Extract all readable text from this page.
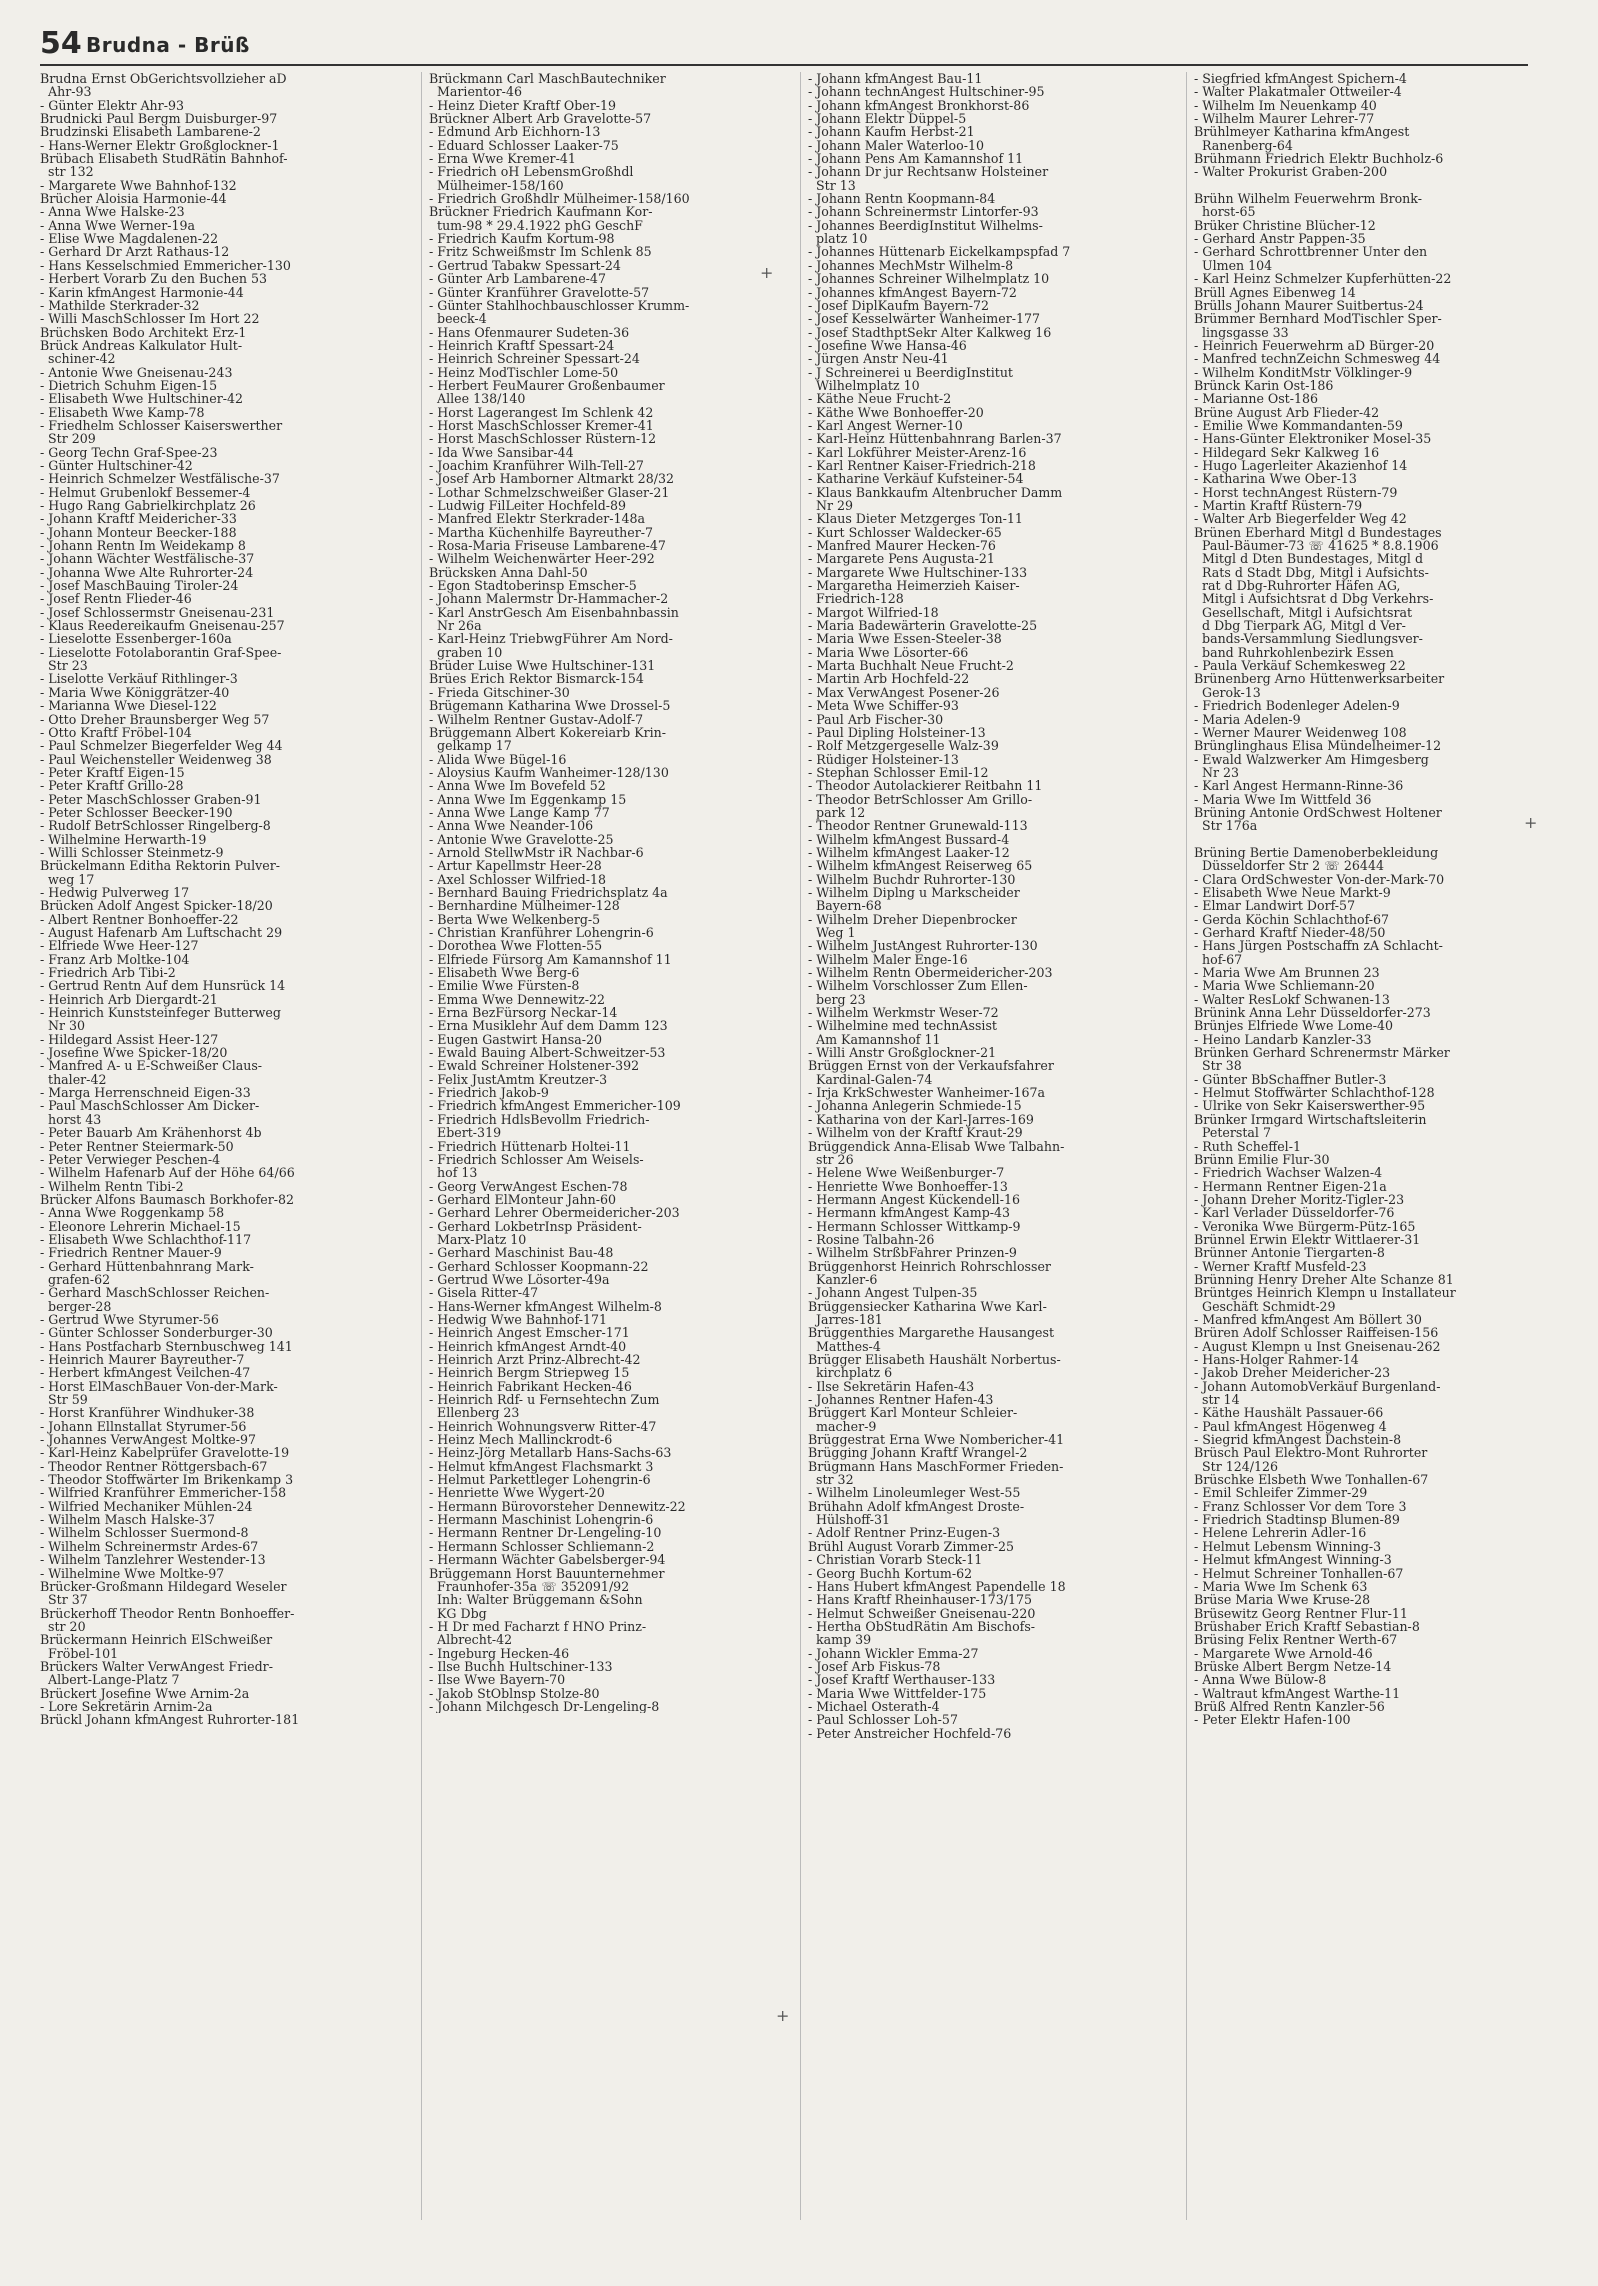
54 Brudna - Brüß
Brudna Ernst ObGerichtsvollzieher aD
Ahr-93
- Günter Elektr Ahr-93
Brudnicki Paul Bergm Duisburger-97
Brudzinski Elisabeth Lambarene-2
- Hans-Werner Elektr Großglockner-1
Brübach Elisabeth StudRätin Bahnhof-
str 132
- Margarete Wwe Bahnhof-132
Brücher Aloisia Harmonie-44
- Anna Wwe Halske-23
- Anna Wwe Werner-19a
- Elise Wwe Magdalenen-22
- Gerhard Dr Arzt Rathaus-12
- Hans Kesselschmied Emmericher-130
- Herbert Vorarb Zu den Buchen 53
- Karin kfmAngest Harmonie-44
- Mathilde Sterkrader-32
- Willi MaschSchlosser Im Hort 22
Brüchsken Bodo Architekt Erz-1
Brück Andreas Kalkulator Hult-
schiner-42
- Antonie Wwe Gneisenau-243
- Dietrich Schuhm Eigen-15
- Elisabeth Wwe Hultschiner-42
- Elisabeth Wwe Kamp-78
- Friedhelm Schlosser Kaiserswerther
Str 209
- Georg Techn Graf-Spee-23
- Günter Hultschiner-42
- Heinrich Schmelzer Westfälische-37
- Helmut Grubenlokf Bessemer-4
- Hugo Rang Gabrielkirchplatz 26
- Johann Kraftf Meidericher-33
- Johann Monteur Beecker-188
- Johann Rentn Im Weidekamp 8
- Johann Wächter Westfälische-37
- Johanna Wwe Alte Ruhrorter-24
- Josef MaschBauing Tiroler-24
- Josef Rentn Flieder-46
- Josef Schlossermstr Gneisenau-231
- Klaus Reedereikaufm Gneisenau-257
- Lieselotte Essenberger-160a
- Lieselotte Fotolaborantin Graf-Spee-
Str 23
- Liselotte Verkäuf Rithlinger-3
- Maria Wwe Königgrätzer-40
- Marianna Wwe Diesel-122
- Otto Dreher Braunsberger Weg 57
- Otto Kraftf Fröbel-104
- Paul Schmelzer Biegerfelder Weg 44
- Paul Weichensteller Weidenweg 38
- Peter Kraftf Eigen-15
- Peter Kraftf Grillo-28
- Peter MaschSchlosser Graben-91
- Peter Schlosser Beecker-190
- Rudolf BetrSchlosser Ringelberg-8
- Wilhelmine Herwarth-19
- Willi Schlosser Steinmetz-9
Brückelmann Editha Rektorin Pulver-
weg 17
- Hedwig Pulverweg 17
Brücken Adolf Angest Spicker-18/20
- Albert Rentner Bonhoeffer-22
- August Hafenarb Am Luftschacht 29
- Elfriede Wwe Heer-127
- Franz Arb Moltke-104
- Friedrich Arb Tibi-2
- Gertrud Rentn Auf dem Hunsrück 14
- Heinrich Arb Diergardt-21
- Heinrich Kunststeinfeger Butterweg
Nr 30
- Hildegard Assist Heer-127
- Josefine Wwe Spicker-18/20
- Manfred A- u E-Schweißer Claus-
thaler-42
- Marga Herrenschneid Eigen-33
- Paul MaschSchlosser Am Dicker-
horst 43
- Peter Bauarb Am Krähenhorst 4b
- Peter Rentner Steiermark-50
- Peter Verwieger Peschen-4
- Wilhelm Hafenarb Auf der Höhe 64/66
- Wilhelm Rentn Tibi-2
Brücker Alfons Baumasch Borkhofer-82
- Anna Wwe Roggenkamp 58
- Eleonore Lehrerin Michael-15
- Elisabeth Wwe Schlachthof-117
- Friedrich Rentner Mauer-9
- Gerhard Hüttenbahnrang Mark-
grafen-62
- Gerhard MaschSchlosser Reichen-
berger-28
- Gertrud Wwe Styrumer-56
- Günter Schlosser Sonderburger-30
- Hans Postfacharb Sternbuschweg 141
- Heinrich Maurer Bayreuther-7
- Herbert kfmAngest Veilchen-47
- Horst ElMaschBauer Von-der-Mark-
Str 59
- Horst Kranführer Windhuker-38
- Johann Ellnstallat Styrumer-56
- Johannes VerwAngest Moltke-97
- Karl-Heinz Kabelprüfer Gravelotte-19
- Theodor Rentner Röttgersbach-67
- Theodor Stoffwärter Im Brikenkamp 3
- Wilfried Kranführer Emmericher-158
- Wilfried Mechaniker Mühlen-24
- Wilhelm Masch Halske-37
- Wilhelm Schlosser Suermond-8
- Wilhelm Schreinermstr Ardes-67
- Wilhelm Tanzlehrer Westender-13
- Wilhelmine Wwe Moltke-97
Brücker-Großmann Hildegard Weseler
Str 37
Brückerhoff Theodor Rentn Bonhoeffer-
str 20
Brückermann Heinrich ElSchweißer
Fröbel-101
Brückers Walter VerwAngest Friedr-
Albert-Lange-Platz 7
Brückert Josefine Wwe Arnim-2a
- Lore Sekretärin Arnim-2a
Brückl Johann kfmAngest Ruhrorter-181
Brückmann Carl MaschBautechniker
Marientor-46
- Heinz Dieter Kraftf Ober-19
Brückner Albert Arb Gravelotte-57
- Edmund Arb Eichhorn-13
- Eduard Schlosser Laaker-75
- Erna Wwe Kremer-41
- Friedrich oH LebensmGroßhdl
Mülheimer-158/160
- Friedrich Großhdlr Mülheimer-158/160
Brückner Friedrich Kaufmann Kor-
tum-98 * 29.4.1922 phG GeschF
- Friedrich Kaufm Kortum-98
- Fritz Schweißmstr Im Schlenk 85
- Gertrud Tabakw Spessart-24
- Günter Arb Lambarene-47
- Günter Kranführer Gravelotte-57
- Günter Stahlhochbauschlosser Krumm-
beeck-4
- Hans Ofenmaurer Sudeten-36
- Heinrich Kraftf Spessart-24
- Heinrich Schreiner Spessart-24
- Heinz ModTischler Lome-50
- Herbert FeuMaurer Großenbaumer
Allee 138/140
- Horst Lagerangest Im Schlenk 42
- Horst MaschSchlosser Kremer-41
- Horst MaschSchlosser Rüstern-12
- Ida Wwe Sansibar-44
- Joachim Kranführer Wilh-Tell-27
- Josef Arb Hamborner Altmarkt 28/32
- Lothar Schmelzschweißer Glaser-21
- Ludwig FilLeiter Hochfeld-89
- Manfred Elektr Sterkrader-148a
- Martha Küchenhilfe Bayreuther-7
- Rosa-Maria Friseuse Lambarene-47
- Wilhelm Weichenwärter Heer-292
Brücksken Anna Dahl-50
- Egon Stadtoberinsp Emscher-5
- Johann Malermstr Dr-Hammacher-2
- Karl AnstrGesch Am Eisenbahnbassin
Nr 26a
- Karl-Heinz TriebwgFührer Am Nord-
graben 10
Brüder Luise Wwe Hultschiner-131
Brües Erich Rektor Bismarck-154
- Frieda Gitschiner-30
Brügemann Katharina Wwe Drossel-5
- Wilhelm Rentner Gustav-Adolf-7
Brüggemann Albert Kokereiarb Krin-
gelkamp 17
- Alida Wwe Bügel-16
- Aloysius Kaufm Wanheimer-128/130
- Anna Wwe Im Bovefeld 52
- Anna Wwe Im Eggenkamp 15
- Anna Wwe Lange Kamp 77
- Anna Wwe Neander-106
- Antonie Wwe Gravelotte-25
- Arnold StellwMstr iR Nachbar-6
- Artur Kapellmstr Heer-28
- Axel Schlosser Wilfried-18
- Bernhard Bauing Friedrichsplatz 4a
- Bernhardine Mülheimer-128
- Berta Wwe Welkenberg-5
- Christian Kranführer Lohengrin-6
- Dorothea Wwe Flotten-55
- Elfriede Fürsorg Am Kamannshof 11
- Elisabeth Wwe Berg-6
- Emilie Wwe Fürsten-8
- Emma Wwe Dennewitz-22
- Erna BezFürsorg Neckar-14
- Erna Musiklehr Auf dem Damm 123
- Eugen Gastwirt Hansa-20
- Ewald Bauing Albert-Schweitzer-53
- Ewald Schreiner Holstener-392
- Felix JustAmtm Kreutzer-3
- Friedrich Jakob-9
- Friedrich kfmAngest Emmericher-109
- Friedrich HdlsBevollm Friedrich-
Ebert-319
- Friedrich Hüttenarb Holtei-11
- Friedrich Schlosser Am Weisels-
hof 13
- Georg VerwAngest Eschen-78
- Gerhard ElMonteur Jahn-60
- Gerhard Lehrer Obermeidericher-203
- Gerhard LokbetrInsp Präsident-
Marx-Platz 10
- Gerhard Maschinist Bau-48
- Gerhard Schlosser Koopmann-22
- Gertrud Wwe Lösorter-49a
- Gisela Ritter-47
- Hans-Werner kfmAngest Wilhelm-8
- Hedwig Wwe Bahnhof-171
- Heinrich Angest Emscher-171
- Heinrich kfmAngest Arndt-40
- Heinrich Arzt Prinz-Albrecht-42
- Heinrich Bergm Striepweg 15
- Heinrich Fabrikant Hecken-46
- Heinrich Rdf- u Fernsehtechn Zum
Ellenberg 23
- Heinrich Wohnungsverw Ritter-47
- Heinz Mech Mallinckrodt-6
- Heinz-Jörg Metallarb Hans-Sachs-63
- Helmut kfmAngest Flachsmarkt 3
- Helmut Parkettleger Lohengrin-6
- Henriette Wwe Wygert-20
- Hermann Bürovorsteher Dennewitz-22
- Hermann Maschinist Lohengrin-6
- Hermann Rentner Dr-Lengeling-10
- Hermann Schlosser Schliemann-2
- Hermann Wächter Gabelsberger-94
Brüggemann Horst Bauunternehmer
Fraunhofer-35a ☏ 352091/92
Inh: Walter Brüggemann &Sohn
KG Dbg
- H Dr med Facharzt f HNO Prinz-
Albrecht-42
- Ingeburg Hecken-46
- Ilse Buchh Hultschiner-133
- Ilse Wwe Bayern-70
- Jakob StOblnsp Stolze-80
- Johann Milchgesch Dr-Lengeling-8
- Johann kfmAngest Bau-11
- Johann technAngest Hultschiner-95
- Johann kfmAngest Bronkhorst-86
- Johann Elektr Düppel-5
- Johann Kaufm Herbst-21
- Johann Maler Waterloo-10
- Johann Pens Am Kamannshof 11
- Johann Dr jur Rechtsanw Holsteiner
Str 13
- Johann Rentn Koopmann-84
- Johann Schreinermstr Lintorfer-93
- Johannes BeerdigInstitut Wilhelms-
platz 10
- Johannes Hüttenarb Eickelkampspfad 7
- Johannes MechMstr Wilhelm-8
- Johannes Schreiner Wilhelmplatz 10
- Johannes kfmAngest Bayern-72
- Josef DiplKaufm Bayern-72
- Josef Kesselwärter Wanheimer-177
- Josef StadthptSekr Alter Kalkweg 16
- Josefine Wwe Hansa-46
- Jürgen Anstr Neu-41
- J Schreinerei u BeerdigInstitut
Wilhelmplatz 10
- Käthe Neue Frucht-2
- Käthe Wwe Bonhoeffer-20
- Karl Angest Werner-10
- Karl-Heinz Hüttenbahnrang Barlen-37
- Karl Lokführer Meister-Arenz-16
- Karl Rentner Kaiser-Friedrich-218
- Katharine Verkäuf Kufsteiner-54
- Klaus Bankkaufm Altenbrucher Damm
Nr 29
- Klaus Dieter Metzgerges Ton-11
- Kurt Schlosser Waldecker-65
- Manfred Maurer Hecken-76
- Margarete Pens Augusta-21
- Margarete Wwe Hultschiner-133
- Margaretha Heimerzieh Kaiser-
Friedrich-128
- Margot Wilfried-18
- Maria Badewärterin Gravelotte-25
- Maria Wwe Essen-Steeler-38
- Maria Wwe Lösorter-66
- Marta Buchhalt Neue Frucht-2
- Martin Arb Hochfeld-22
- Max VerwAngest Posener-26
- Meta Wwe Schiffer-93
- Paul Arb Fischer-30
- Paul Dipling Holsteiner-13
- Rolf Metzgergeselle Walz-39
- Rüdiger Holsteiner-13
- Stephan Schlosser Emil-12
- Theodor Autolackierer Reitbahn 11
- Theodor BetrSchlosser Am Grillo-
park 12
- Theodor Rentner Grunewald-113
- Wilhelm kfmAngest Bussard-4
- Wilhelm kfmAngest Laaker-12
- Wilhelm kfmAngest Reiserweg 65
- Wilhelm Buchdr Ruhrorter-130
- Wilhelm Diplng u Markscheider
Bayern-68
- Wilhelm Dreher Diepenbrocker
Weg 1
- Wilhelm JustAngest Ruhrorter-130
- Wilhelm Maler Enge-16
- Wilhelm Rentn Obermeidericher-203
- Wilhelm Vorschlosser Zum Ellen-
berg 23
- Wilhelm Werkmstr Weser-72
- Wilhelmine med technAssist
Am Kamannshof 11
- Willi Anstr Großglockner-21
Brüggen Ernst von der Verkaufsfahrer
Kardinal-Galen-74
- Irja KrkSchwester Wanheimer-167a
- Johanna Anlegerin Schmiede-15
- Katharina von der Karl-Jarres-169
- Wilhelm von der Kraftf Kraut-29
Brüggendick Anna-Elisab Wwe Talbahn-
str 26
- Helene Wwe Weißenburger-7
- Henriette Wwe Bonhoeffer-13
- Hermann Angest Kückendell-16
- Hermann kfmAngest Kamp-43
- Hermann Schlosser Wittkamp-9
- Rosine Talbahn-26
- Wilhelm StrßbFahrer Prinzen-9
Brüggenhorst Heinrich Rohrschlosser
Kanzler-6
- Johann Angest Tulpen-35
Brüggensiecker Katharina Wwe Karl-
Jarres-181
Brüggenthies Margarethe Hausangest
Matthes-4
Brügger Elisabeth Haushält Norbertus-
kirchplatz 6
- Ilse Sekretärin Hafen-43
- Johannes Rentner Hafen-43
Brüggert Karl Monteur Schleier-
macher-9
Brüggestrat Erna Wwe Nombericher-41
Brügging Johann Kraftf Wrangel-2
Brügmann Hans MaschFormer Frieden-
str 32
- Wilhelm Linoleumleger West-55
Brühahn Adolf kfmAngest Droste-
Hülshoff-31
- Adolf Rentner Prinz-Eugen-3
Brühl August Vorarb Zimmer-25
- Christian Vorarb Steck-11
- Georg Buchh Kortum-62
- Hans Hubert kfmAngest Papendelle 18
- Hans Kraftf Rheinhauser-173/175
- Helmut Schweißer Gneisenau-220
- Hertha ObStudRätin Am Bischofs-
kamp 39
- Johann Wickler Emma-27
- Josef Arb Fiskus-78
- Josef Kraftf Werthauser-133
- Maria Wwe Wittfelder-175
- Michael Osterath-4
- Paul Schlosser Loh-57
- Peter Anstreicher Hochfeld-76
- Siegfried kfmAngest Spichern-4
- Walter Plakatmaler Ottweiler-4
- Wilhelm Im Neuenkamp 40
- Wilhelm Maurer Lehrer-77
Brühlmeyer Katharina kfmAngest
Ranenberg-64
Brühmann Friedrich Elektr Buchholz-6
- Walter Prokurist Graben-200

Brühn Wilhelm Feuerwehrm Bronk-
horst-65
Brüker Christine Blücher-12
- Gerhard Anstr Pappen-35
- Gerhard Schrottbrenner Unter den
Ulmen 104
- Karl Heinz Schmelzer Kupferhütten-22
Brüll Agnes Eibenweg 14
Brülls Johann Maurer Suitbertus-24
Brümmer Bernhard ModTischler Sper-
lingsgasse 33
- Heinrich Feuerwehrm aD Bürger-20
- Manfred technZeichn Schmesweg 44
- Wilhelm KonditMstr Völklinger-9
Brünck Karin Ost-186
- Marianne Ost-186
Brüne August Arb Flieder-42
- Emilie Wwe Kommandanten-59
- Hans-Günter Elektroniker Mosel-35
- Hildegard Sekr Kalkweg 16
- Hugo Lagerleiter Akazienhof 14
- Katharina Wwe Ober-13
- Horst technAngest Rüstern-79
- Martin Kraftf Rüstern-79
- Walter Arb Biegerfelder Weg 42
Brünen Eberhard Mitgl d Bundestages
Paul-Bäumer-73 ☏ 41625 * 8.8.1906
Mitgl d Dten Bundestages, Mitgl d
Rats d Stadt Dbg, Mitgl i Aufsichts-
rat d Dbg-Ruhrorter Häfen AG,
Mitgl i Aufsichtsrat d Dbg Verkehrs-
Gesellschaft, Mitgl i Aufsichtsrat
d Dbg Tierpark AG, Mitgl d Ver-
bands-Versammlung Siedlungsver-
band Ruhrkohlenbezirk Essen
- Paula Verkäuf Schemkesweg 22
Brünenberg Arno Hüttenwerksarbeiter
Gerok-13
- Friedrich Bodenleger Adelen-9
- Maria Adelen-9
- Werner Maurer Weidenweg 108
Brünglinghaus Elisa Mündelheimer-12
- Ewald Walzwerker Am Himgesberg
Nr 23
- Karl Angest Hermann-Rinne-36
- Maria Wwe Im Wittfeld 36
Brüning Antonie OrdSchwest Holtener
Str 176a

Brüning Bertie Damenoberbekleidung
Düsseldorfer Str 2 ☏ 26444
- Clara OrdSchwester Von-der-Mark-70
- Elisabeth Wwe Neue Markt-9
- Elmar Landwirt Dorf-57
- Gerda Köchin Schlachthof-67
- Gerhard Kraftf Nieder-48/50
- Hans Jürgen Postschaffn zA Schlacht-
hof-67
- Maria Wwe Am Brunnen 23
- Maria Wwe Schliemann-20
- Walter ResLokf Schwanen-13
Brünink Anna Lehr Düsseldorfer-273
Brünjes Elfriede Wwe Lome-40
- Heino Landarb Kanzler-33
Brünken Gerhard Schrenermstr Märker
Str 38
- Günter BbSchaffner Butler-3
- Helmut Stoffwärter Schlachthof-128
- Ulrike von Sekr Kaiserswerther-95
Brünker Irmgard Wirtschaftsleiterin
Peterstal 7
- Ruth Scheffel-1
Brünn Emilie Flur-30
- Friedrich Wachser Walzen-4
- Hermann Rentner Eigen-21a
- Johann Dreher Moritz-Tigler-23
- Karl Verlader Düsseldorfer-76
- Veronika Wwe Bürgerm-Pütz-165
Brünnel Erwin Elektr Wittlaerer-31
Brünner Antonie Tiergarten-8
- Werner Kraftf Musfeld-23
Brünning Henry Dreher Alte Schanze 81
Brüntges Heinrich Klempn u Installateur
Geschäft Schmidt-29
- Manfred kfmAngest Am Böllert 30
Brüren Adolf Schlosser Raiffeisen-156
- August Klempn u Inst Gneisenau-262
- Hans-Holger Rahmer-14
- Jakob Dreher Meidericher-23
- Johann AutomobVerkäuf Burgenland-
str 14
- Käthe Haushält Passauer-66
- Paul kfmAngest Högenweg 4
- Siegrid kfmAngest Dachstein-8
Brüsch Paul Elektro-Mont Ruhrorter
Str 124/126
Brüschke Elsbeth Wwe Tonhallen-67
- Emil Schleifer Zimmer-29
- Franz Schlosser Vor dem Tore 3
- Friedrich Stadtinsp Blumen-89
- Helene Lehrerin Adler-16
- Helmut Lebensm Winning-3
- Helmut kfmAngest Winning-3
- Helmut Schreiner Tonhallen-67
- Maria Wwe Im Schenk 63
Brüse Maria Wwe Kruse-28
Brüsewitz Georg Rentner Flur-11
Brüshaber Erich Kraftf Sebastian-8
Brüsing Felix Rentner Werth-67
- Margarete Wwe Arnold-46
Brüske Albert Bergm Netze-14
- Anna Wwe Bülow-8
- Waltraut kfmAngest Warthe-11
Brüß Alfred Rentn Kanzler-56
- Peter Elektr Hafen-100
+
+
+
